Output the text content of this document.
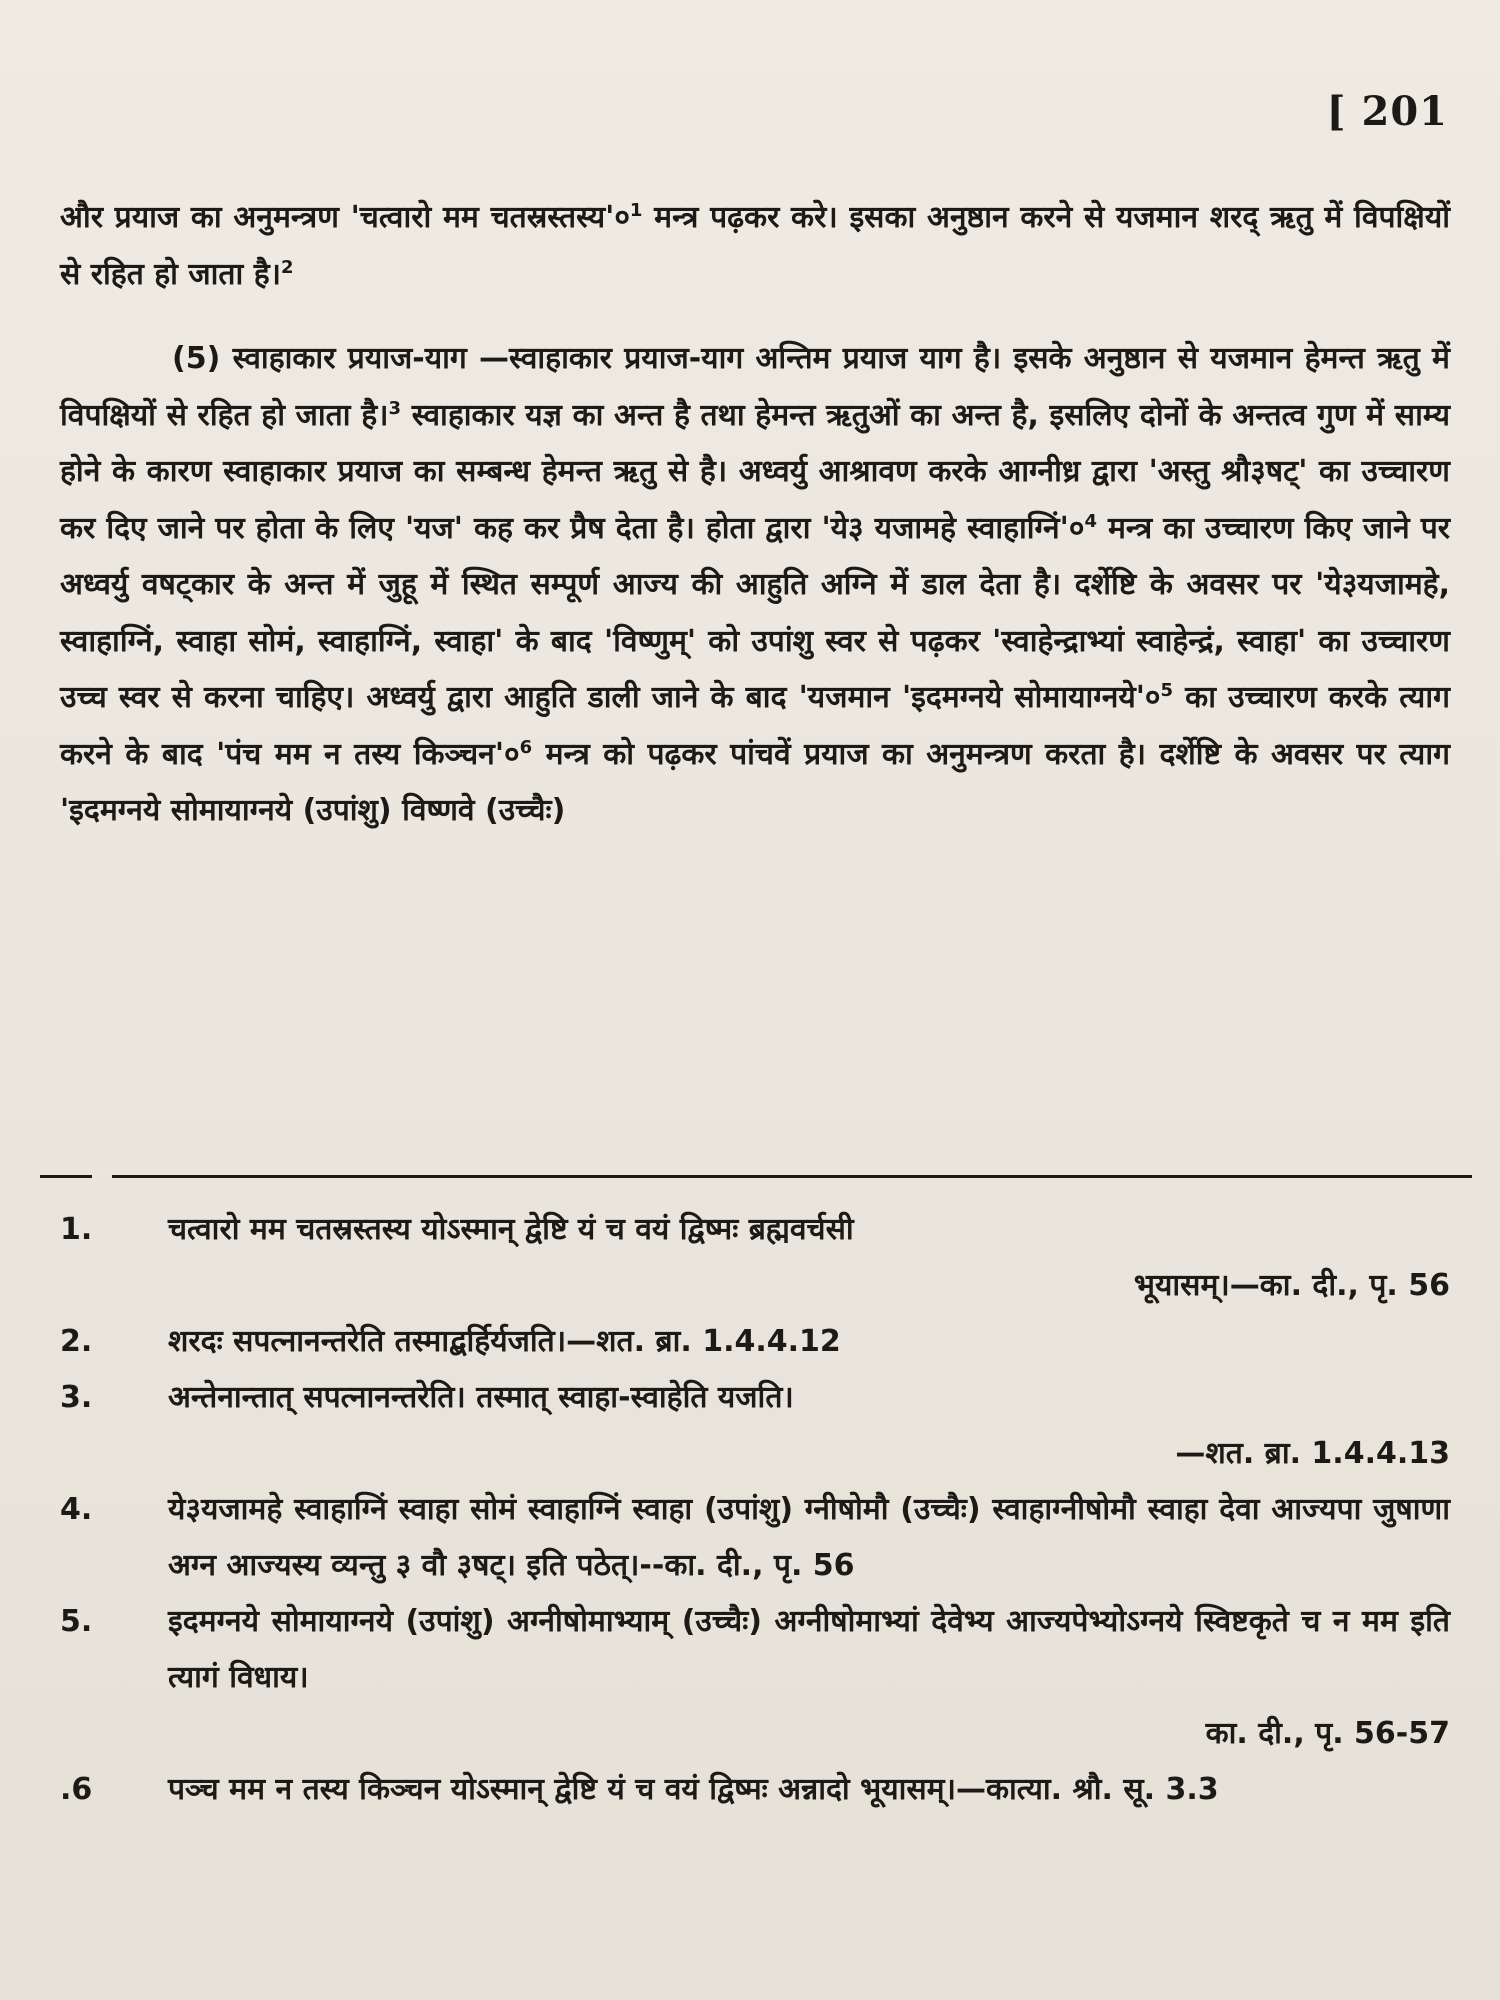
[ 201

और प्रयाज का अनुमन्त्रण 'चत्वारो मम $चतस्रस्तस्य'०^1$ मन्त्र पढ़कर करे। इसका अनुष्ठान करने से यजमान शरद् ऋतु में विपक्षियों से रहित हो जाता है।$^2$

(5) स्वाहाकार प्रयाज-याग —स्वाहाकार प्रयाज-याग अन्तिम प्रयाज याग है। इसके अनुष्ठान से यजमान हेमन्त ऋतु में विपक्षियों से रहित हो जाता है।$^3$ स्वाहाकार यज्ञ का अन्त है तथा हेमन्त ऋतुओं का अन्त है, इसलिए दोनों के अन्तत्व गुण में साम्य होने के कारण स्वाहाकार प्रयाज का सम्बन्ध हेमन्त ऋतु से है। अध्वर्यु आश्रावण करके आग्नीध्र द्वारा 'अस्तु श्रौ३षट्' का उच्चारण कर दिए जाने पर होता के लिए 'यज' कह कर प्रैष देता है। होता द्वारा 'ये३ यजामहे $स्वाहाग्निं'०^4$ मन्त्र का उच्चारण किए जाने पर अध्वर्यु वषट्कार के अन्त में जुहू में स्थित सम्पूर्ण आज्य की आहुति अग्नि में डाल देता है। दर्शेष्टि के अवसर पर 'ये३यजामहे, स्वाहाग्निं, स्वाहा सोमं, स्वाहाग्निं, स्वाहा' के बाद 'विष्णुम्' को उपांशु स्वर से पढ़कर 'स्वाहेन्द्राभ्यां स्वाहेन्द्रं, स्वाहा' का उच्चारण उच्च स्वर से करना चाहिए। अध्वर्यु द्वारा आहुति डाली जाने के बाद 'यजमान 'इदमग्नये $सोमायाग्नये'०^5$ का उच्चारण करके त्याग करने के बाद 'पंच मम न तस्य $किञ्चन'०^6$ मन्त्र को पढ़कर पांचवें प्रयाज का अनुमन्त्रण करता है। दर्शेष्टि के अवसर पर त्याग 'इदमग्नये सोमायाग्नये (उपांशु) विष्णवे (उच्चैः)

1.	चत्वारो मम चतस्रस्तस्य योऽस्मान् द्वेष्टि यं च वयं द्विष्मः ब्रह्मवर्चसी
भूयासम्।—का. दी., पृ. 56
2.	शरदः सपत्नानन्तरेति तस्माद्बर्हिर्यजति।—शत. ब्रा. 1.4.4.12
3.	अन्तेनान्तात् सपत्नानन्तरेति। तस्मात् स्वाहा-स्वाहेति यजति।
—शत. ब्रा. 1.4.4.13
4.	ये३यजामहे स्वाहाग्निं स्वाहा सोमं स्वाहाग्निं स्वाहा (उपांशु) ग्नीषोमौ (उच्चैः) स्वाहाग्नीषोमौ स्वाहा देवा आज्यपा जुषाणा अग्न आज्यस्य व्यन्तु ३ वौ ३षट्। इति पठेत्।--का. दी., पृ. 56
5.	इदमग्नये सोमायाग्नये (उपांशु) अग्नीषोमाभ्याम् (उच्चैः) अग्नीषोमाभ्यां देवेभ्य आज्यपेभ्योऽग्नये स्विष्टकृते च न मम इति त्यागं विधाय।
का. दी., पृ. 56-57
.6	पञ्च मम न तस्य किञ्चन योऽस्मान् द्वेष्टि यं च वयं द्विष्मः अन्नादो भूयासम्।—कात्या. श्रौ. सू. 3.3
